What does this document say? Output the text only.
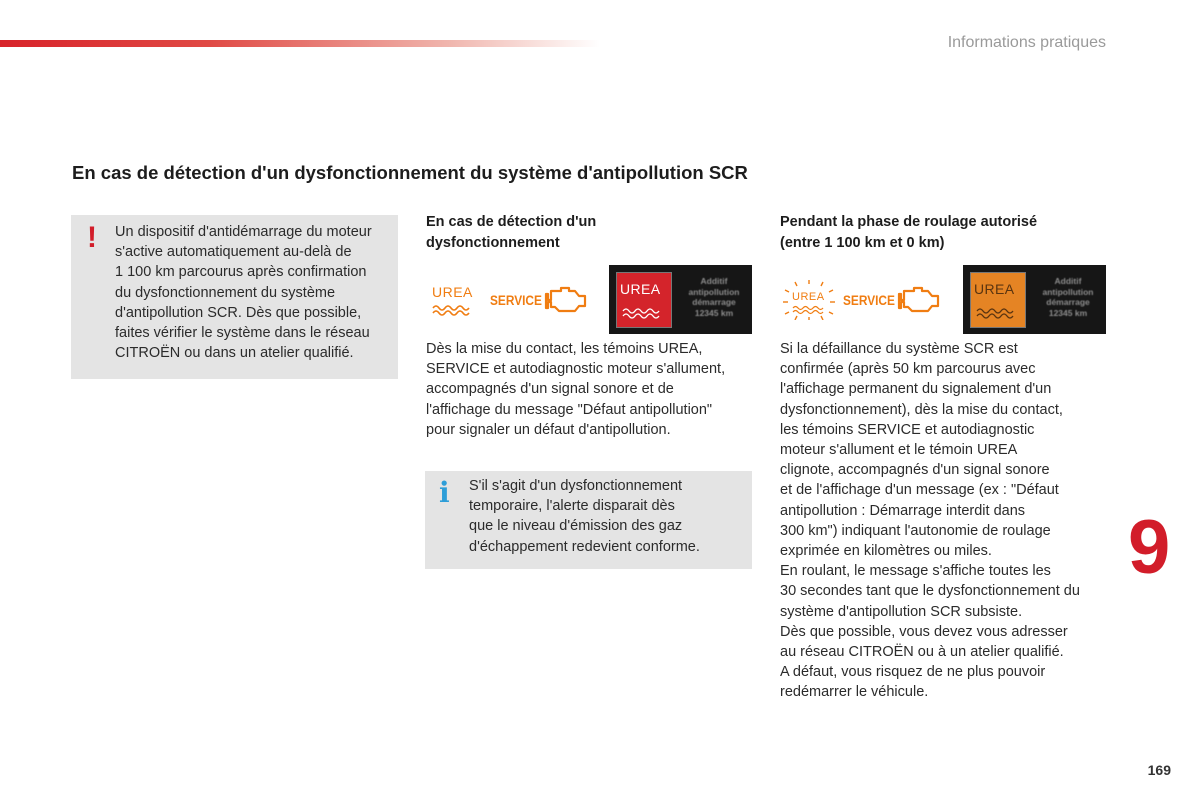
Informations pratiques
En cas de détection d'un dysfonctionnement du système d'antipollution SCR
! Un dispositif d'antidémarrage du moteur
s'active automatiquement au-delà de
1 100 km parcourus après confirmation
du dysfonctionnement du système
d'antipollution SCR. Dès que possible,
faites vérifier le système dans le réseau
CITROËN ou dans un atelier qualifié.
En cas de détection d'un
dysfonctionnement
UREA SERVICE
UREA	Additif
antipollution
démarrage
12345 km
Dès la mise du contact, les témoins UREA,
SERVICE et autodiagnostic moteur s'allument,
accompagnés d'un signal sonore et de
l'affichage du message "Défaut antipollution"
pour signaler un défaut d'antipollution.
i S'il s'agit d'un dysfonctionnement
temporaire, l'alerte disparait dès
que le niveau d'émission des gaz
d'échappement redevient conforme.
Pendant la phase de roulage autorisé
(entre 1 100 km et 0 km)
UREA SERVICE
UREA	Additif
antipollution
démarrage
12345 km
Si la défaillance du système SCR est
confirmée (après 50 km parcourus avec
l'affichage permanent du signalement d'un
dysfonctionnement), dès la mise du contact,
les témoins SERVICE et autodiagnostic
moteur s'allument et le témoin UREA
clignote, accompagnés d'un signal sonore
et de l'affichage d'un message (ex : "Défaut
antipollution : Démarrage interdit dans
300 km") indiquant l'autonomie de roulage
exprimée en kilomètres ou miles.
En roulant, le message s'affiche toutes les
30 secondes tant que le dysfonctionnement du
système d'antipollution SCR subsiste.
Dès que possible, vous devez vous adresser
au réseau CITROËN ou à un atelier qualifié.
A défaut, vous risquez de ne plus pouvoir
redémarrer le véhicule.
9
169
